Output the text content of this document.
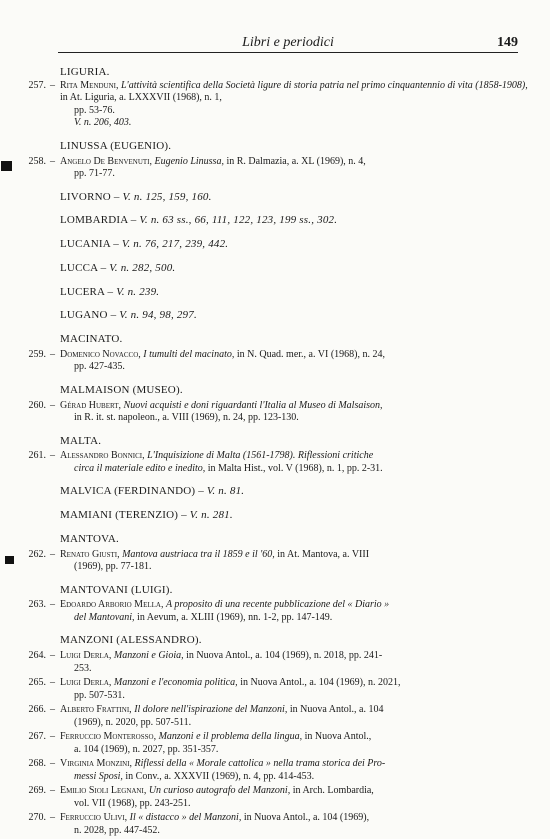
Libri e periodici	149
LIGURIA.
257. – Rita Menduni, L'attività scientifica della Società ligure di storia patria nel primo cinquantennio di vita (1858-1908), in At. Liguria, a. LXXXVII (1968), n. 1,
pp. 53-76.
V. n. 206, 403.
LINUSSA (EUGENIO).
258. – Angelo De Benvenuti, Eugenio Linussa, in R. Dalmazia, a. XL (1969), n. 4,
pp. 71-77.
LIVORNO – V. n. 125, 159, 160.
LOMBARDIA – V. n. 63 ss., 66, 111, 122, 123, 199 ss., 302.
LUCANIA – V. n. 76, 217, 239, 442.
LUCCA – V. n. 282, 500.
LUCERA – V. n. 239.
LUGANO – V. n. 94, 98, 297.
MACINATO.
259. – Domenico Novacco, I tumulti del macinato, in N. Quad. mer., a. VI (1968), n. 24,
pp. 427-435.
MALMAISON (MUSEO).
260. – Gérad Hubert, Nuovi acquisti e doni riguardanti l'Italia al Museo di Malsaison,
in R. it. st. napoleon., a. VIII (1969), n. 24, pp. 123-130.
MALTA.
261. – Alessandro Bonnici, L'Inquisizione di Malta (1561-1798). Riflessioni critiche
circa il materiale edito e inedito, in Malta Hist., vol. V (1968), n. 1, pp. 2-31.
MALVICA (FERDINANDO) – V. n. 81.
MAMIANI (TERENZIO) – V. n. 281.
MANTOVA.
262. – Renato Giusti, Mantova austriaca tra il 1859 e il '60, in At. Mantova, a. VIII
(1969), pp. 77-181.
MANTOVANI (LUIGI).
263. – Edoardo Arborio Mella, A proposito di una recente pubblicazione del « Diario »
del Mantovani, in Aevum, a. XLIII (1969), nn. 1-2, pp. 147-149.
MANZONI (ALESSANDRO).
264. – Luigi Derla, Manzoni e Gioia, in Nuova Antol., a. 104 (1969), n. 2018, pp. 241-
253.
265. – Luigi Derla, Manzoni e l'economia politica, in Nuova Antol., a. 104 (1969), n. 2021,
pp. 507-531.
266. – Alberto Frattini, Il dolore nell'ispirazione del Manzoni, in Nuova Antol., a. 104
(1969), n. 2020, pp. 507-511.
267. – Ferruccio Monterosso, Manzoni e il problema della lingua, in Nuova Antol.,
a. 104 (1969), n. 2027, pp. 351-357.
268. – Virginia Monzini, Riflessi della « Morale cattolica » nella trama storica dei Pro-
messi Sposi, in Conv., a. XXXVII (1969), n. 4, pp. 414-453.
269. – Emilio Sioli Legnani, Un curioso autografo del Manzoni, in Arch. Lombardia,
vol. VII (1968), pp. 243-251.
270. – Ferruccio Ulivi, Il « distacco » del Manzoni, in Nuova Antol., a. 104 (1969),
n. 2028, pp. 447-452.
